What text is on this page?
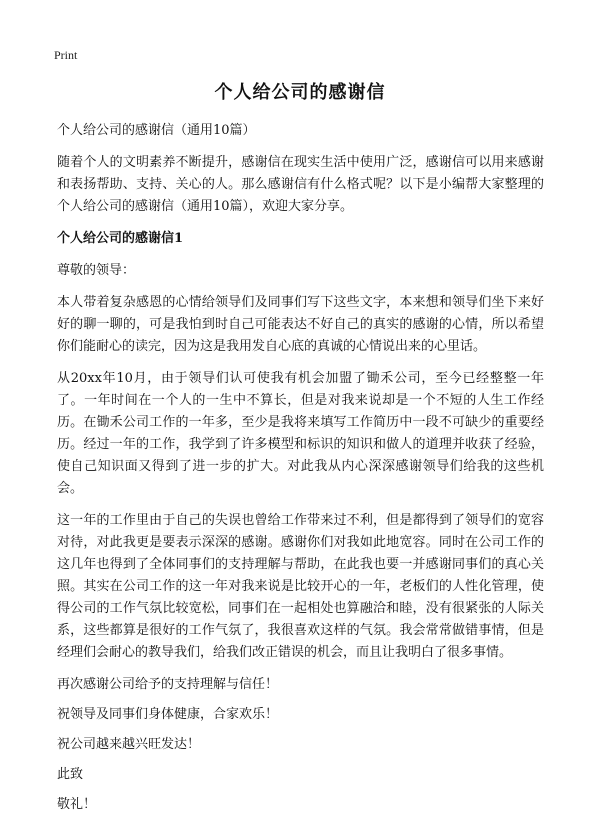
Print
个人给公司的感谢信

个人给公司的感谢信（通用10篇）

随着个人的文明素养不断提升，感谢信在现实生活中使用广泛，感谢信可以用来感谢和表扬帮助、支持、关心的人。那么感谢信有什么格式呢？以下是小编帮大家整理的个人给公司的感谢信（通用10篇），欢迎大家分享。

个人给公司的感谢信1

尊敬的领导：

本人带着复杂感恩的心情给领导们及同事们写下这些文字，本来想和领导们坐下来好好的聊一聊的，可是我怕到时自己可能表达不好自己的真实的感谢的心情，所以希望你们能耐心的读完，因为这是我用发自心底的真诚的心情说出来的心里话。

从20xx年10月，由于领导们认可使我有机会加盟了锄禾公司，至今已经整整一年了。一年时间在一个人的一生中不算长，但是对我来说却是一个不短的人生工作经历。在锄禾公司工作的一年多，至少是我将来填写工作简历中一段不可缺少的重要经历。经过一年的工作，我学到了许多模型和标识的知识和做人的道理并收获了经验，使自己知识面又得到了进一步的扩大。对此我从内心深深感谢领导们给我的这些机会。

这一年的工作里由于自己的失误也曾给工作带来过不利，但是都得到了领导们的宽容对待，对此我更是要表示深深的感谢。感谢你们对我如此地宽容。同时在公司工作的这几年也得到了全体同事们的支持理解与帮助，在此我也要一并感谢同事们的真心关照。其实在公司工作的这一年对我来说是比较开心的一年，老板们的人性化管理，使得公司的工作气氛比较宽松，同事们在一起相处也算融洽和睦，没有很紧张的人际关系，这些都算是很好的工作气氛了，我很喜欢这样的气氛。我会常常做错事情，但是经理们会耐心的教导我们，给我们改正错误的机会，而且让我明白了很多事情。

再次感谢公司给予的支持理解与信任！

祝领导及同事们身体健康，合家欢乐！

祝公司越来越兴旺发达！

此致

敬礼！
